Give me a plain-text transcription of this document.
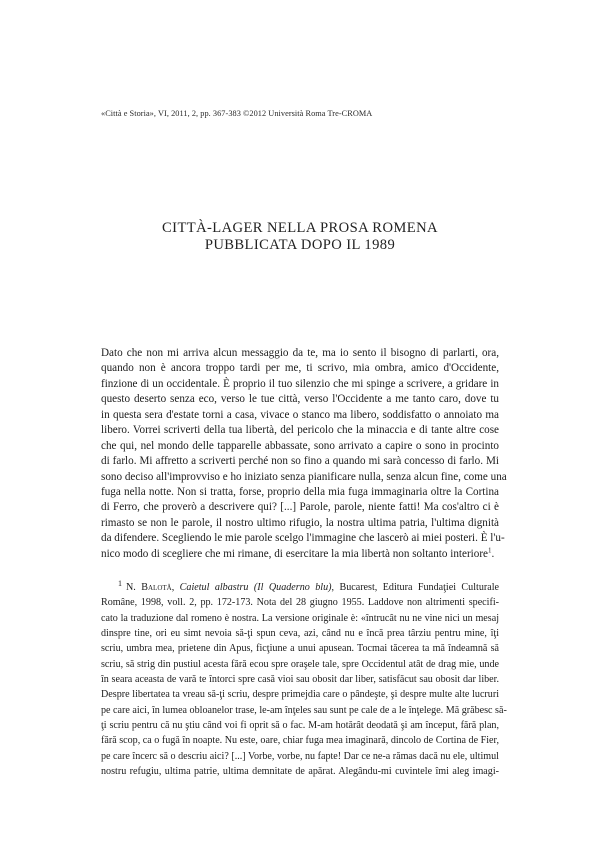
«Città e Storia», VI, 2011, 2, pp. 367-383 ©2012 Università Roma Tre-CROMA
CITTÀ-LAGER NELLA PROSA ROMENA
PUBBLICATA DOPO IL 1989
Dato che non mi arriva alcun messaggio da te, ma io sento il bisogno di parlarti, ora,
quando non è ancora troppo tardi per me, ti scrivo, mia ombra, amico d'Occidente,
finzione di un occidentale. È proprio il tuo silenzio che mi spinge a scrivere, a gridare in
questo deserto senza eco, verso le tue città, verso l'Occidente a me tanto caro, dove tu
in questa sera d'estate torni a casa, vivace o stanco ma libero, soddisfatto o annoiato ma
libero. Vorrei scriverti della tua libertà, del pericolo che la minaccia e di tante altre cose
che qui, nel mondo delle tapparelle abbassate, sono arrivato a capire o sono in procinto
di farlo. Mi affretto a scriverti perché non so fino a quando mi sarà concesso di farlo. Mi
sono deciso all'improvviso e ho iniziato senza pianificare nulla, senza alcun fine, come una
fuga nella notte. Non si tratta, forse, proprio della mia fuga immaginaria oltre la Cortina
di Ferro, che proverò a descrivere qui? [...] Parole, parole, niente fatti! Ma cos'altro ci è
rimasto se non le parole, il nostro ultimo rifugio, la nostra ultima patria, l'ultima dignità
da difendere. Scegliendo le mie parole scelgo l'immagine che lascerò ai miei posteri. È l'u-
nico modo di scegliere che mi rimane, di esercitare la mia libertà non soltanto interiore$^1$.
$^1$ N. Balotă, Caietul albastru (Il Quaderno blu), Bucarest, Editura Fundaţiei Culturale
Române, 1998, voll. 2, pp. 172-173. Nota del 28 giugno 1955. Laddove non altrimenti specifi-
cato la traduzione dal romeno è nostra. La versione originale è: «întrucât nu ne vine nici un mesaj
dinspre tine, ori eu simt nevoia să-ţi spun ceva, azi, când nu e încă prea târziu pentru mine, îţi
scriu, umbra mea, prietene din Apus, ficţiune a unui apusean. Tocmai tăcerea ta mă îndeamnă să
scriu, să strig din pustiul acesta fără ecou spre oraşele tale, spre Occidentul atât de drag mie, unde
în seara aceasta de vară te întorci spre casă vioi sau obosit dar liber, satisfăcut sau obosit dar liber.
Despre libertatea ta vreau să-ţi scriu, despre primejdia care o pândeşte, şi despre multe alte lucruri
pe care aici, în lumea obloanelor trase, le-am înţeles sau sunt pe cale de a le înţelege. Mă grăbesc să-
ţi scriu pentru că nu ştiu când voi fi oprit să o fac. M-am hotărât deodată şi am început, fără plan,
fără scop, ca o fugă în noapte. Nu este, oare, chiar fuga mea imaginară, dincolo de Cortina de Fier,
pe care încerc să o descriu aici? [...] Vorbe, vorbe, nu fapte! Dar ce ne-a rămas dacă nu ele, ultimul
nostru refugiu, ultima patrie, ultima demnitate de apărat. Alegându-mi cuvintele îmi aleg imagi-
